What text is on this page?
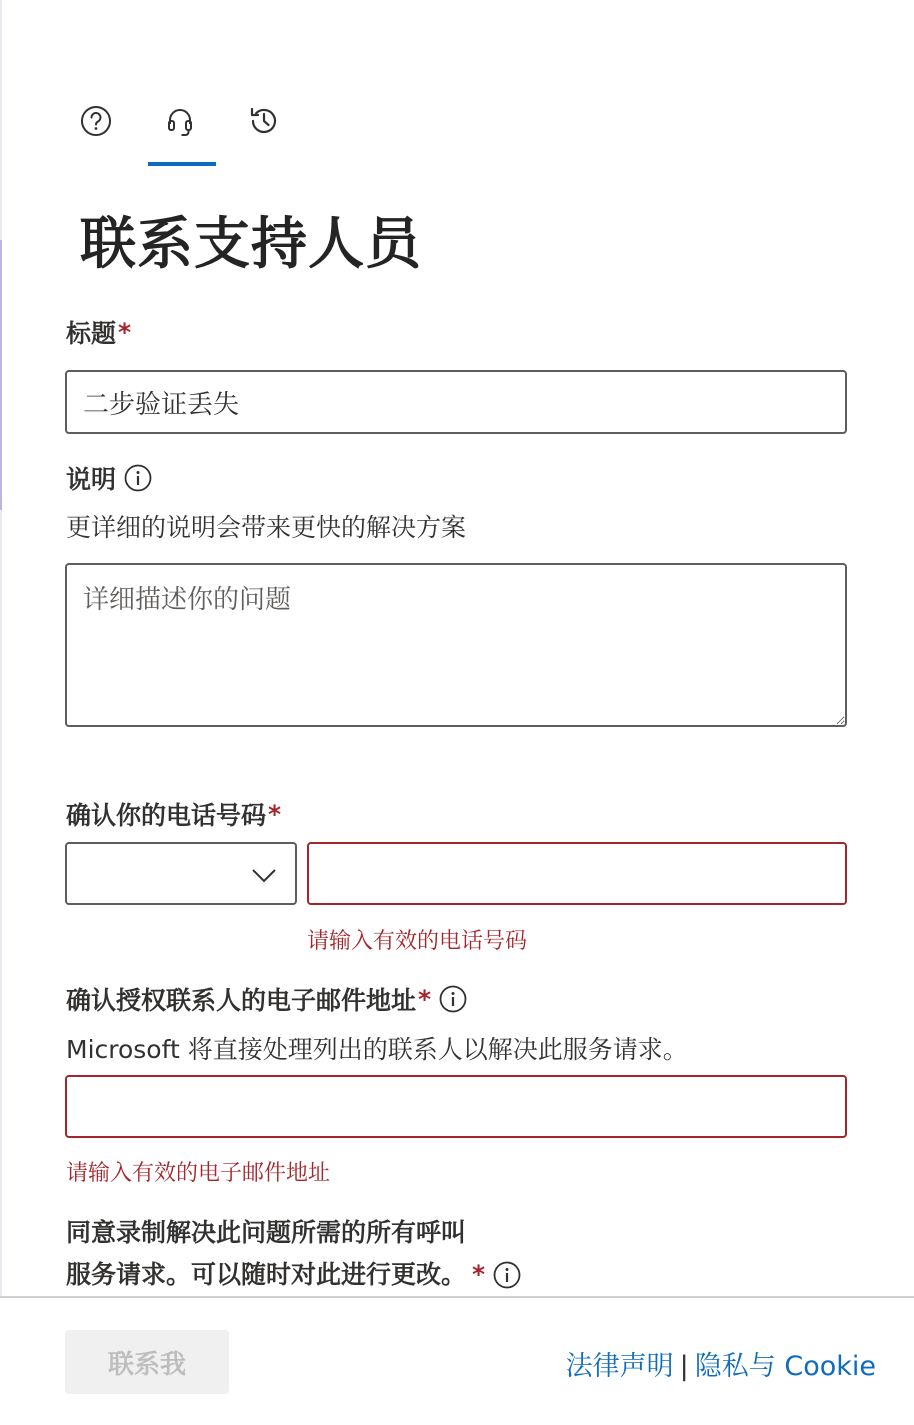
联系支持人员
标题 *
二步验证丢失
说明
更详细的说明会带来更快的解决方案
详细描述你的问题
确认你的电话号码 *
请输入有效的电话号码
确认授权联系人的电子邮件地址 *
Microsoft 将直接处理列出的联系人以解决此服务请求。
请输入有效的电子邮件地址
同意录制解决此问题所需的所有呼叫
服务请求。可以随时对此进行更改。 *
联系我	法律声明 | 隐私与 Cookie
